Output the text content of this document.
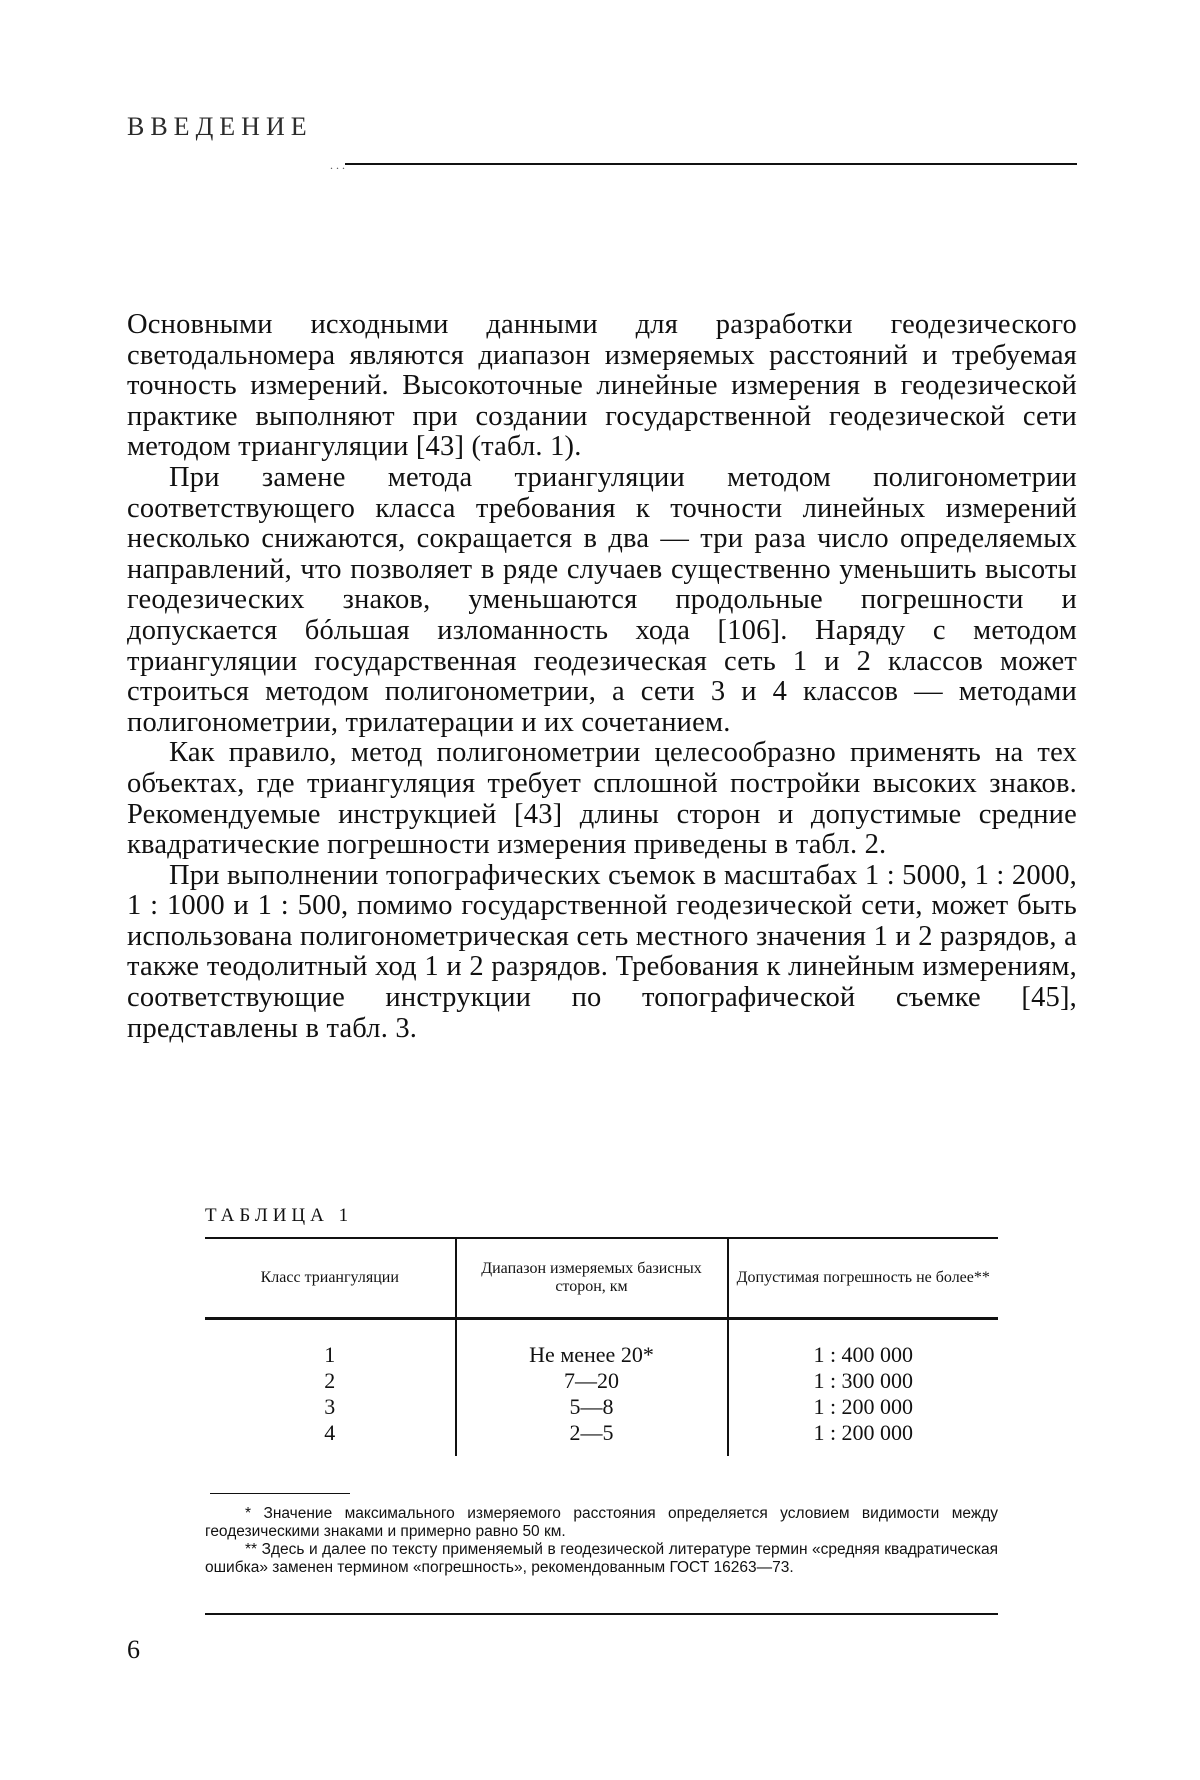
ВВЕДЕНИЕ
. . .

Основными исходными данными для разработки геодезического светодальномера являются диапазон измеряемых расстояний и требуемая точность измерений. Высокоточные линейные измерения в геодезической практике выполняют при создании государственной геодезической сети методом триангуляции [43] (табл. 1).

При замене метода триангуляции методом полигонометрии соответствующего класса требования к точности линейных измерений несколько снижаются, сокращается в два — три раза число определяемых направлений, что позволяет в ряде случаев существенно уменьшить высоты геодезических знаков, уменьшаются продольные погрешности и допускается бóльшая изломанность хода [106]. Наряду с методом триангуляции государственная геодезическая сеть 1 и 2 классов может строиться методом полигонометрии, а сети 3 и 4 классов — методами полигонометрии, трилатерации и их сочетанием.

Как правило, метод полигонометрии целесообразно применять на тех объектах, где триангуляция требует сплошной постройки высоких знаков. Рекомендуемые инструкцией [43] длины сторон и допустимые средние квадратические погрешности измерения приведены в табл. 2.

При выполнении топографических съемок в масштабах 1 : 5000, 1 : 2000, 1 : 1000 и 1 : 500, помимо государственной геодезической сети, может быть использована полигонометрическая сеть местного значения 1 и 2 разрядов, а также теодолитный ход 1 и 2 разрядов. Требования к линейным измерениям, соответствующие инструкции по топографической съемке [45], представлены в табл. 3.

ТАБЛИЦА 1
Класс триангуляции	Диапазон измеряемых базисных сторон, км	Допустимая погрешность не более**
1	Не менее 20*	1 : 400 000
2	7—20	1 : 300 000
3	5—8	1 : 200 000
4	2—5	1 : 200 000

* Значение максимального измеряемого расстояния определяется условием видимости между геодезическими знаками и примерно равно 50 км.

** Здесь и далее по тексту применяемый в геодезической литературе термин «средняя квадратическая ошибка» заменен термином «погрешность», рекомендованным ГОСТ 16263—73.

6
